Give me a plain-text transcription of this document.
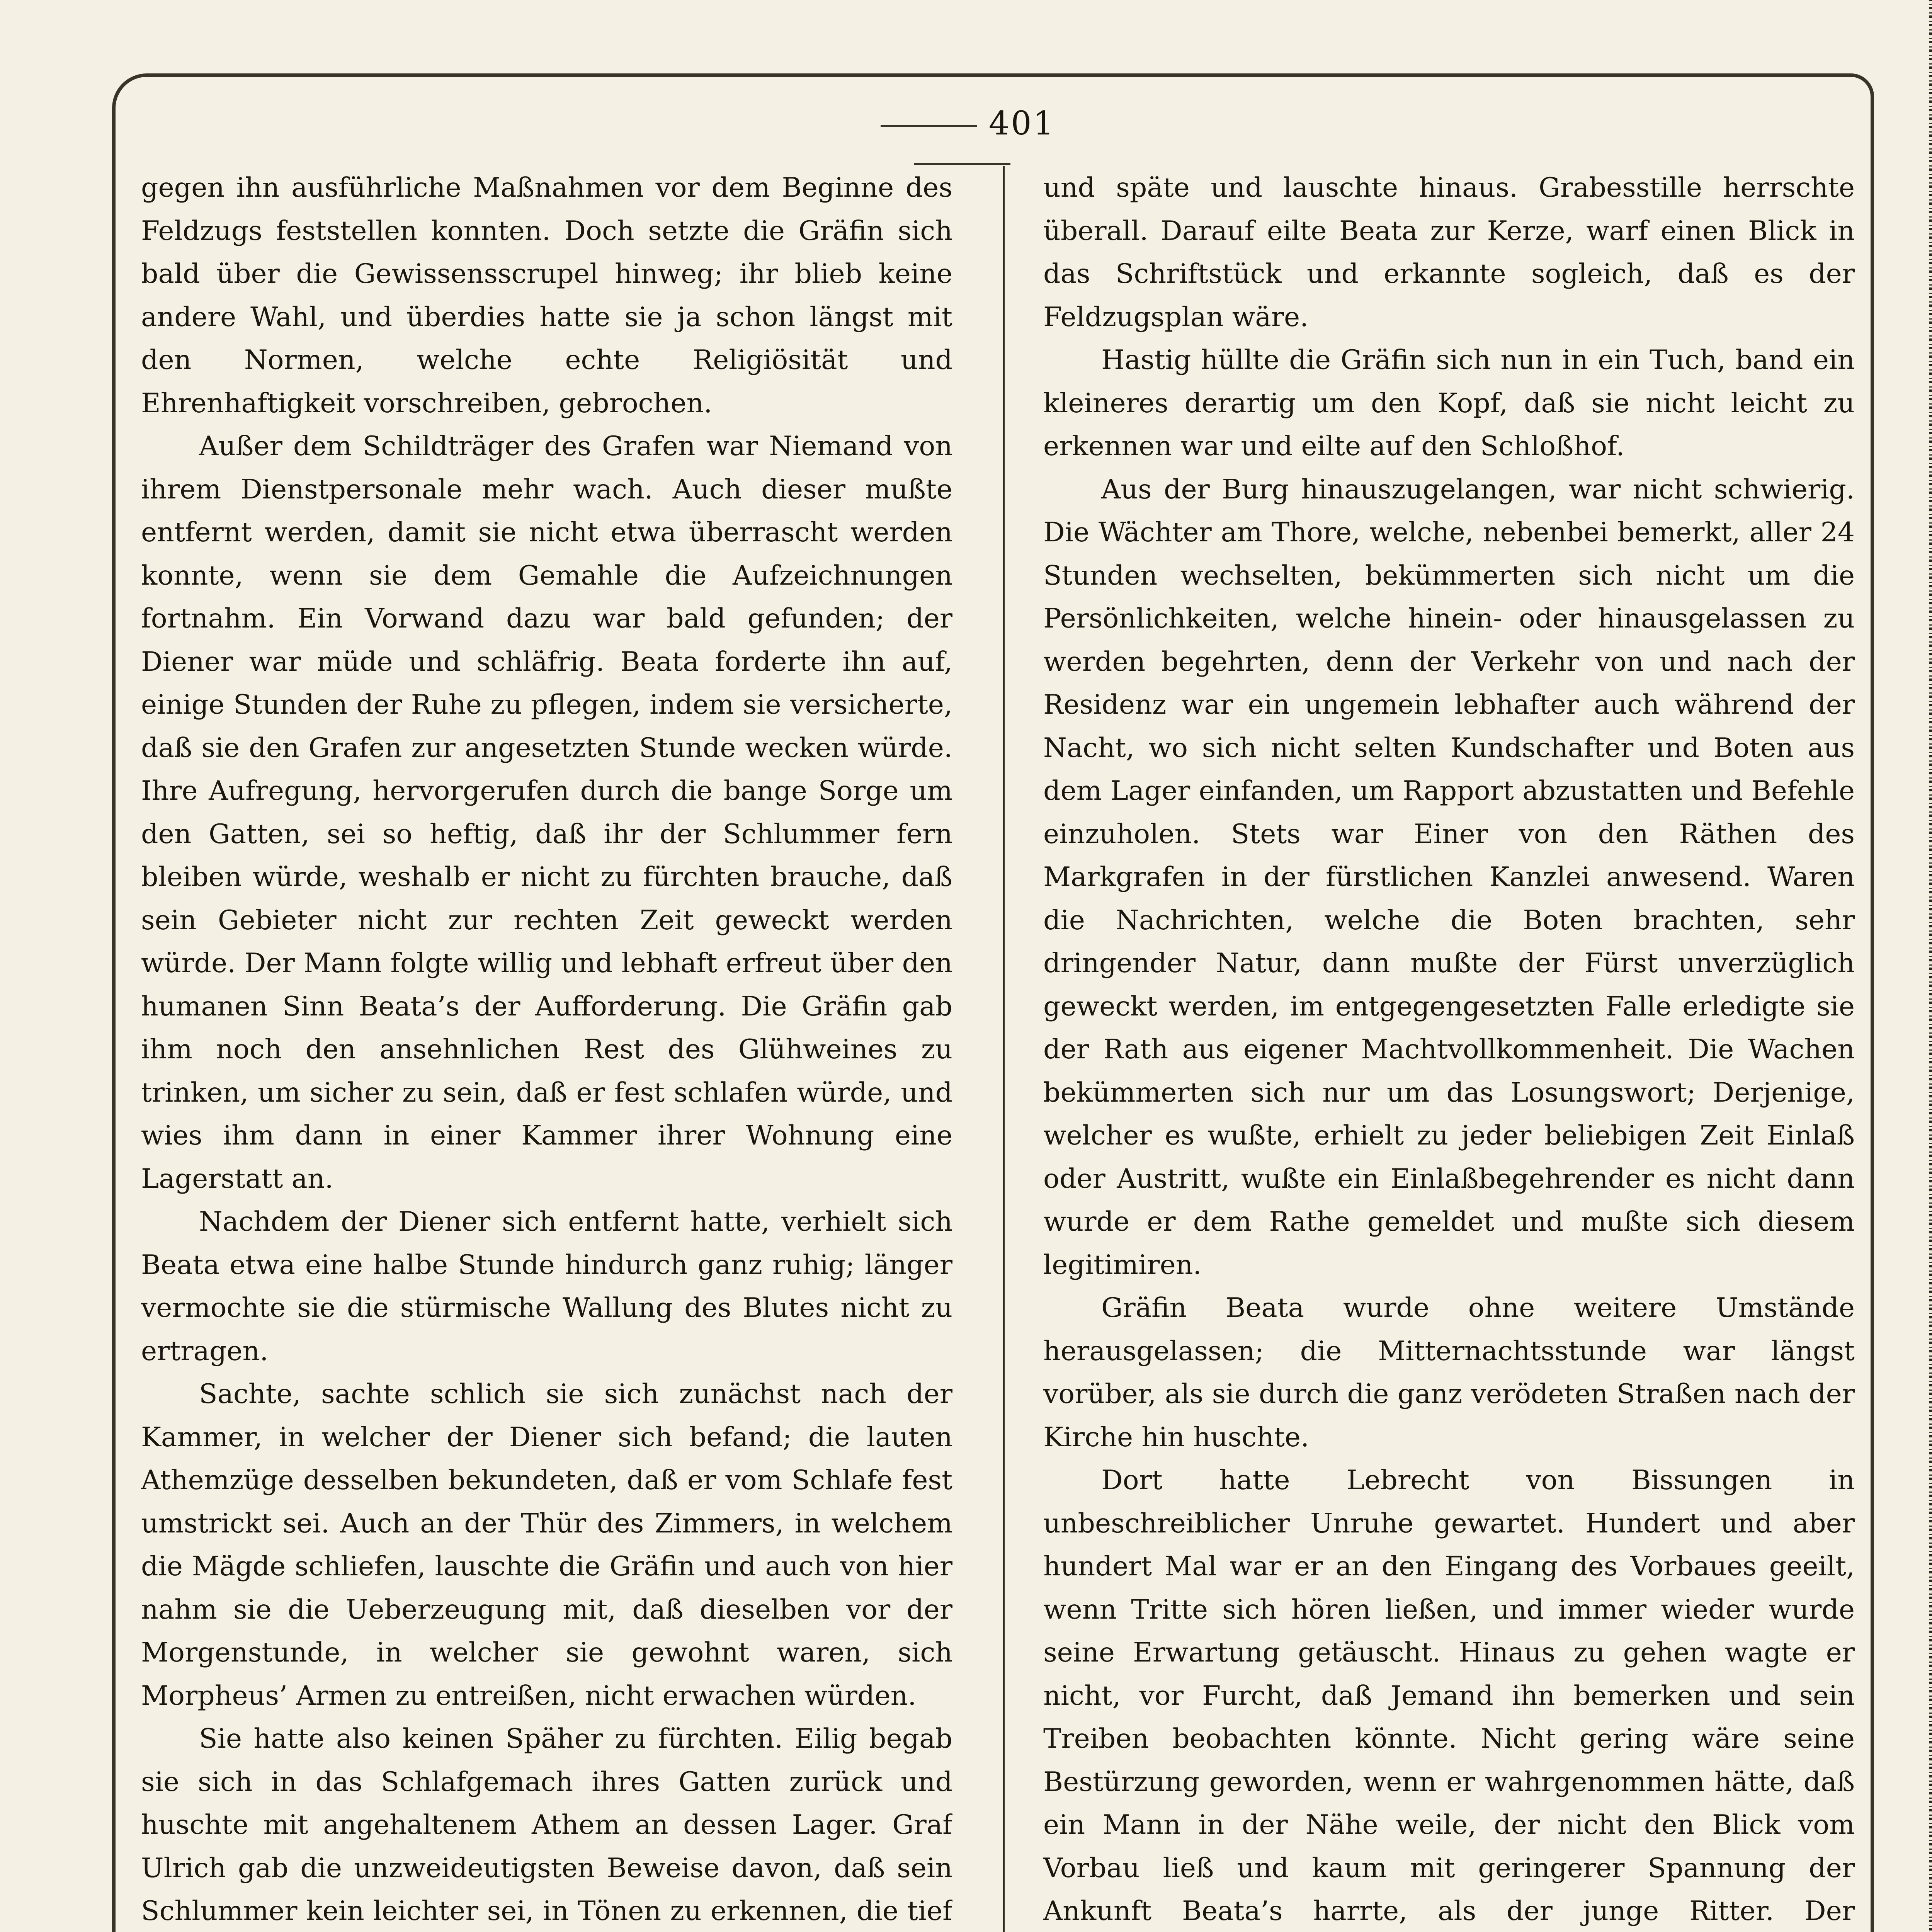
401

gegen ihn ausführliche Maßnahmen vor dem Beginne des Feldzugs feststellen konnten. Doch setzte die Gräfin sich bald über die Gewissensscrupel hinweg; ihr blieb keine andere Wahl, und überdies hatte sie ja schon längst mit den Normen, welche echte Religiösität und Ehrenhaftigkeit vorschreiben, gebrochen.

Außer dem Schildträger des Grafen war Niemand von ihrem Dienstpersonale mehr wach. Auch dieser mußte entfernt werden, damit sie nicht etwa überrascht werden konnte, wenn sie dem Gemahle die Aufzeichnungen fortnahm. Ein Vorwand dazu war bald gefunden; der Diener war müde und schläfrig. Beata forderte ihn auf, einige Stunden der Ruhe zu pflegen, indem sie versicherte, daß sie den Grafen zur angesetzten Stunde wecken würde. Ihre Aufregung, hervorgerufen durch die bange Sorge um den Gatten, sei so heftig, daß ihr der Schlummer fern bleiben würde, weshalb er nicht zu fürchten brauche, daß sein Gebieter nicht zur rechten Zeit geweckt werden würde. Der Mann folgte willig und lebhaft erfreut über den humanen Sinn Beata’s der Aufforderung. Die Gräfin gab ihm noch den ansehnlichen Rest des Glühweines zu trinken, um sicher zu sein, daß er fest schlafen würde, und wies ihm dann in einer Kammer ihrer Wohnung eine Lagerstatt an.

Nachdem der Diener sich entfernt hatte, verhielt sich Beata etwa eine halbe Stunde hindurch ganz ruhig; länger vermochte sie die stürmische Wallung des Blutes nicht zu ertragen.

Sachte, sachte schlich sie sich zunächst nach der Kammer, in welcher der Diener sich befand; die lauten Athemzüge desselben bekundeten, daß er vom Schlafe fest umstrickt sei. Auch an der Thür des Zimmers, in welchem die Mägde schliefen, lauschte die Gräfin und auch von hier nahm sie die Ueberzeugung mit, daß dieselben vor der Morgenstunde, in welcher sie gewohnt waren, sich Morpheus’ Armen zu entreißen, nicht erwachen würden.

Sie hatte also keinen Späher zu fürchten. Eilig begab sie sich in das Schlafgemach ihres Gatten zurück und huschte mit angehaltenem Athem an dessen Lager. Graf Ulrich gab die unzweideutigsten Beweise davon, daß sein Schlummer kein leichter sei, in Tönen zu erkennen, die tief

und späte und lauschte hinaus. Grabesstille herrschte überall. Darauf eilte Beata zur Kerze, warf einen Blick in das Schriftstück und erkannte sogleich, daß es der Feldzugsplan wäre.

Hastig hüllte die Gräfin sich nun in ein Tuch, band ein kleineres derartig um den Kopf, daß sie nicht leicht zu erkennen war und eilte auf den Schloßhof.

Aus der Burg hinauszugelangen, war nicht schwierig. Die Wächter am Thore, welche, nebenbei bemerkt, aller 24 Stunden wechselten, bekümmerten sich nicht um die Persönlichkeiten, welche hinein- oder hinausgelassen zu werden begehrten, denn der Verkehr von und nach der Residenz war ein ungemein lebhafter auch während der Nacht, wo sich nicht selten Kundschafter und Boten aus dem Lager einfanden, um Rapport abzustatten und Befehle einzuholen. Stets war Einer von den Räthen des Markgrafen in der fürstlichen Kanzlei anwesend. Waren die Nachrichten, welche die Boten brachten, sehr dringender Natur, dann mußte der Fürst unverzüglich geweckt werden, im entgegengesetzten Falle erledigte sie der Rath aus eigener Machtvollkommenheit. Die Wachen bekümmerten sich nur um das Losungswort; Derjenige, welcher es wußte, erhielt zu jeder beliebigen Zeit Einlaß oder Austritt, wußte ein Einlaßbegehrender es nicht dann wurde er dem Rathe gemeldet und mußte sich diesem legitimiren.

Gräfin Beata wurde ohne weitere Umstände herausgelassen; die Mitternachtsstunde war längst vorüber, als sie durch die ganz verödeten Straßen nach der Kirche hin huschte.

Dort hatte Lebrecht von Bissungen in unbeschreiblicher Unruhe gewartet. Hundert und aber hundert Mal war er an den Eingang des Vorbaues geeilt, wenn Tritte sich hören ließen, und immer wieder wurde seine Erwartung getäuscht. Hinaus zu gehen wagte er nicht, vor Furcht, daß Jemand ihn bemerken und sein Treiben beobachten könnte. Nicht gering wäre seine Bestürzung geworden, wenn er wahrgenommen hätte, daß ein Mann in der Nähe weile, der nicht den Blick vom Vorbau ließ und kaum mit geringerer Spannung der Ankunft Beata’s harrte, als der junge Ritter. Der
